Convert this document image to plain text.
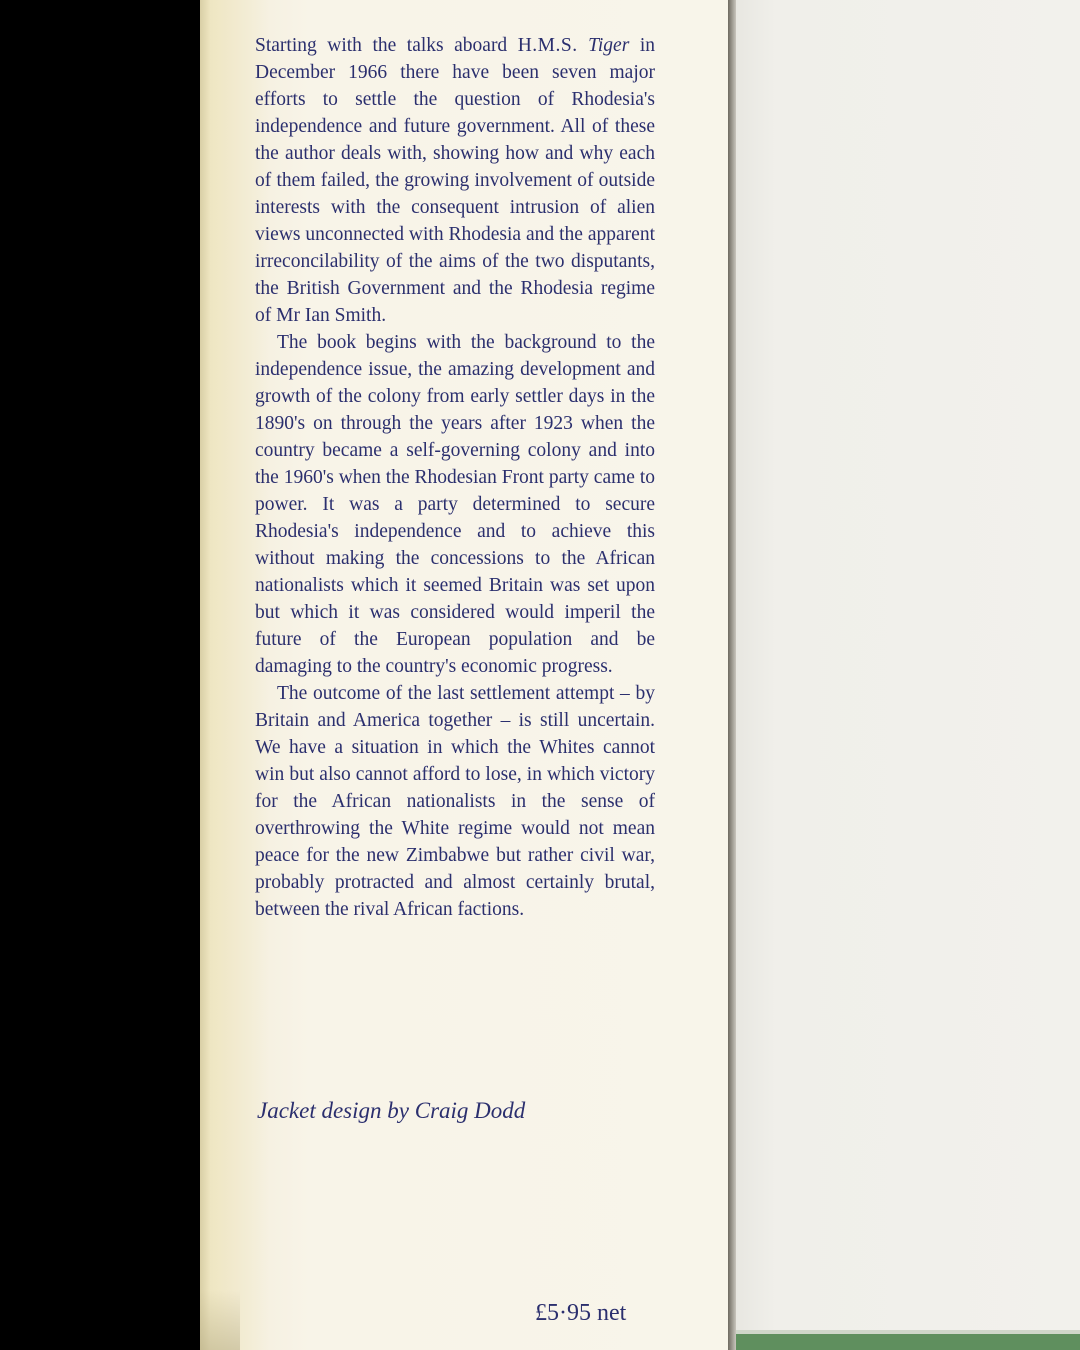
Starting with the talks aboard H.M.S. Tiger in December 1966 there have been seven major efforts to settle the question of Rhodesia's independence and future government. All of these the author deals with, showing how and why each of them failed, the growing involvement of outside interests with the consequent intrusion of alien views unconnected with Rhodesia and the apparent irreconcilability of the aims of the two disputants, the British Government and the Rhodesia regime of Mr Ian Smith.

The book begins with the background to the independence issue, the amazing development and growth of the colony from early settler days in the 1890's on through the years after 1923 when the country became a self-governing colony and into the 1960's when the Rhodesian Front party came to power. It was a party determined to secure Rhodesia's independence and to achieve this without making the concessions to the African nationalists which it seemed Britain was set upon but which it was considered would imperil the future of the European population and be damaging to the country's economic progress.

The outcome of the last settlement attempt – by Britain and America together – is still uncertain. We have a situation in which the Whites cannot win but also cannot afford to lose, in which victory for the African nationalists in the sense of overthrowing the White regime would not mean peace for the new Zimbabwe but rather civil war, probably protracted and almost certainly brutal, between the rival African factions.

Jacket design by Craig Dodd
£5·95 net
